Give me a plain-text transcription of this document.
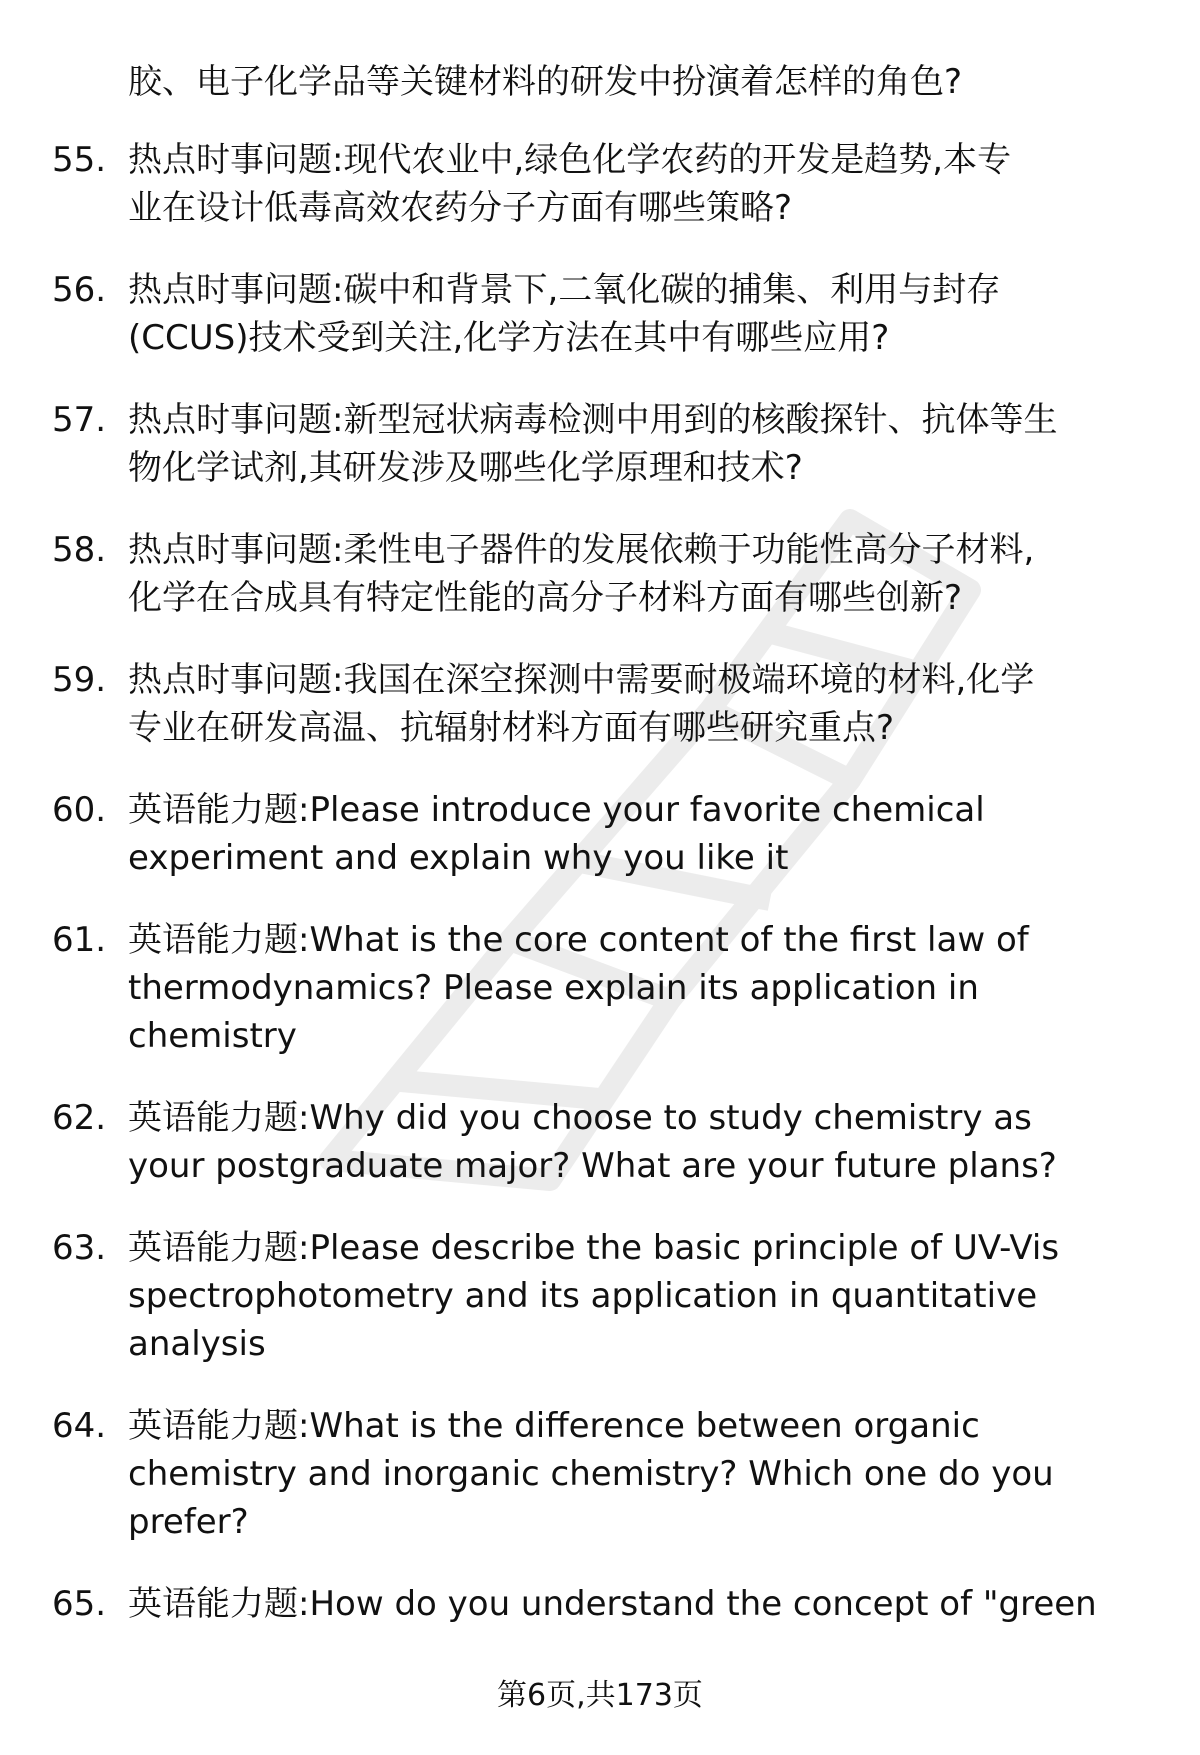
胶、电子化学品等关键材料的研发中扮演着怎样的角色?
55. 热点时事问题:现代农业中,绿色化学农药的开发是趋势,本专
业在设计低毒高效农药分子方面有哪些策略?
56. 热点时事问题:碳中和背景下,二氧化碳的捕集、利用与封存
(CCUS)技术受到关注,化学方法在其中有哪些应用?
57. 热点时事问题:新型冠状病毒检测中用到的核酸探针、抗体等生
物化学试剂,其研发涉及哪些化学原理和技术?
58. 热点时事问题:柔性电子器件的发展依赖于功能性高分子材料,
化学在合成具有特定性能的高分子材料方面有哪些创新?
59. 热点时事问题:我国在深空探测中需要耐极端环境的材料,化学
专业在研发高温、抗辐射材料方面有哪些研究重点?
60. 英语能力题:Please introduce your favorite chemical
experiment and explain why you like it
61. 英语能力题:What is the core content of the first law of
thermodynamics? Please explain its application in
chemistry
62. 英语能力题:Why did you choose to study chemistry as
your postgraduate major? What are your future plans?
63. 英语能力题:Please describe the basic principle of UV-Vis
spectrophotometry and its application in quantitative
analysis
64. 英语能力题:What is the difference between organic
chemistry and inorganic chemistry? Which one do you
prefer?
65. 英语能力题:How do you understand the concept of "green
第6页,共173页
